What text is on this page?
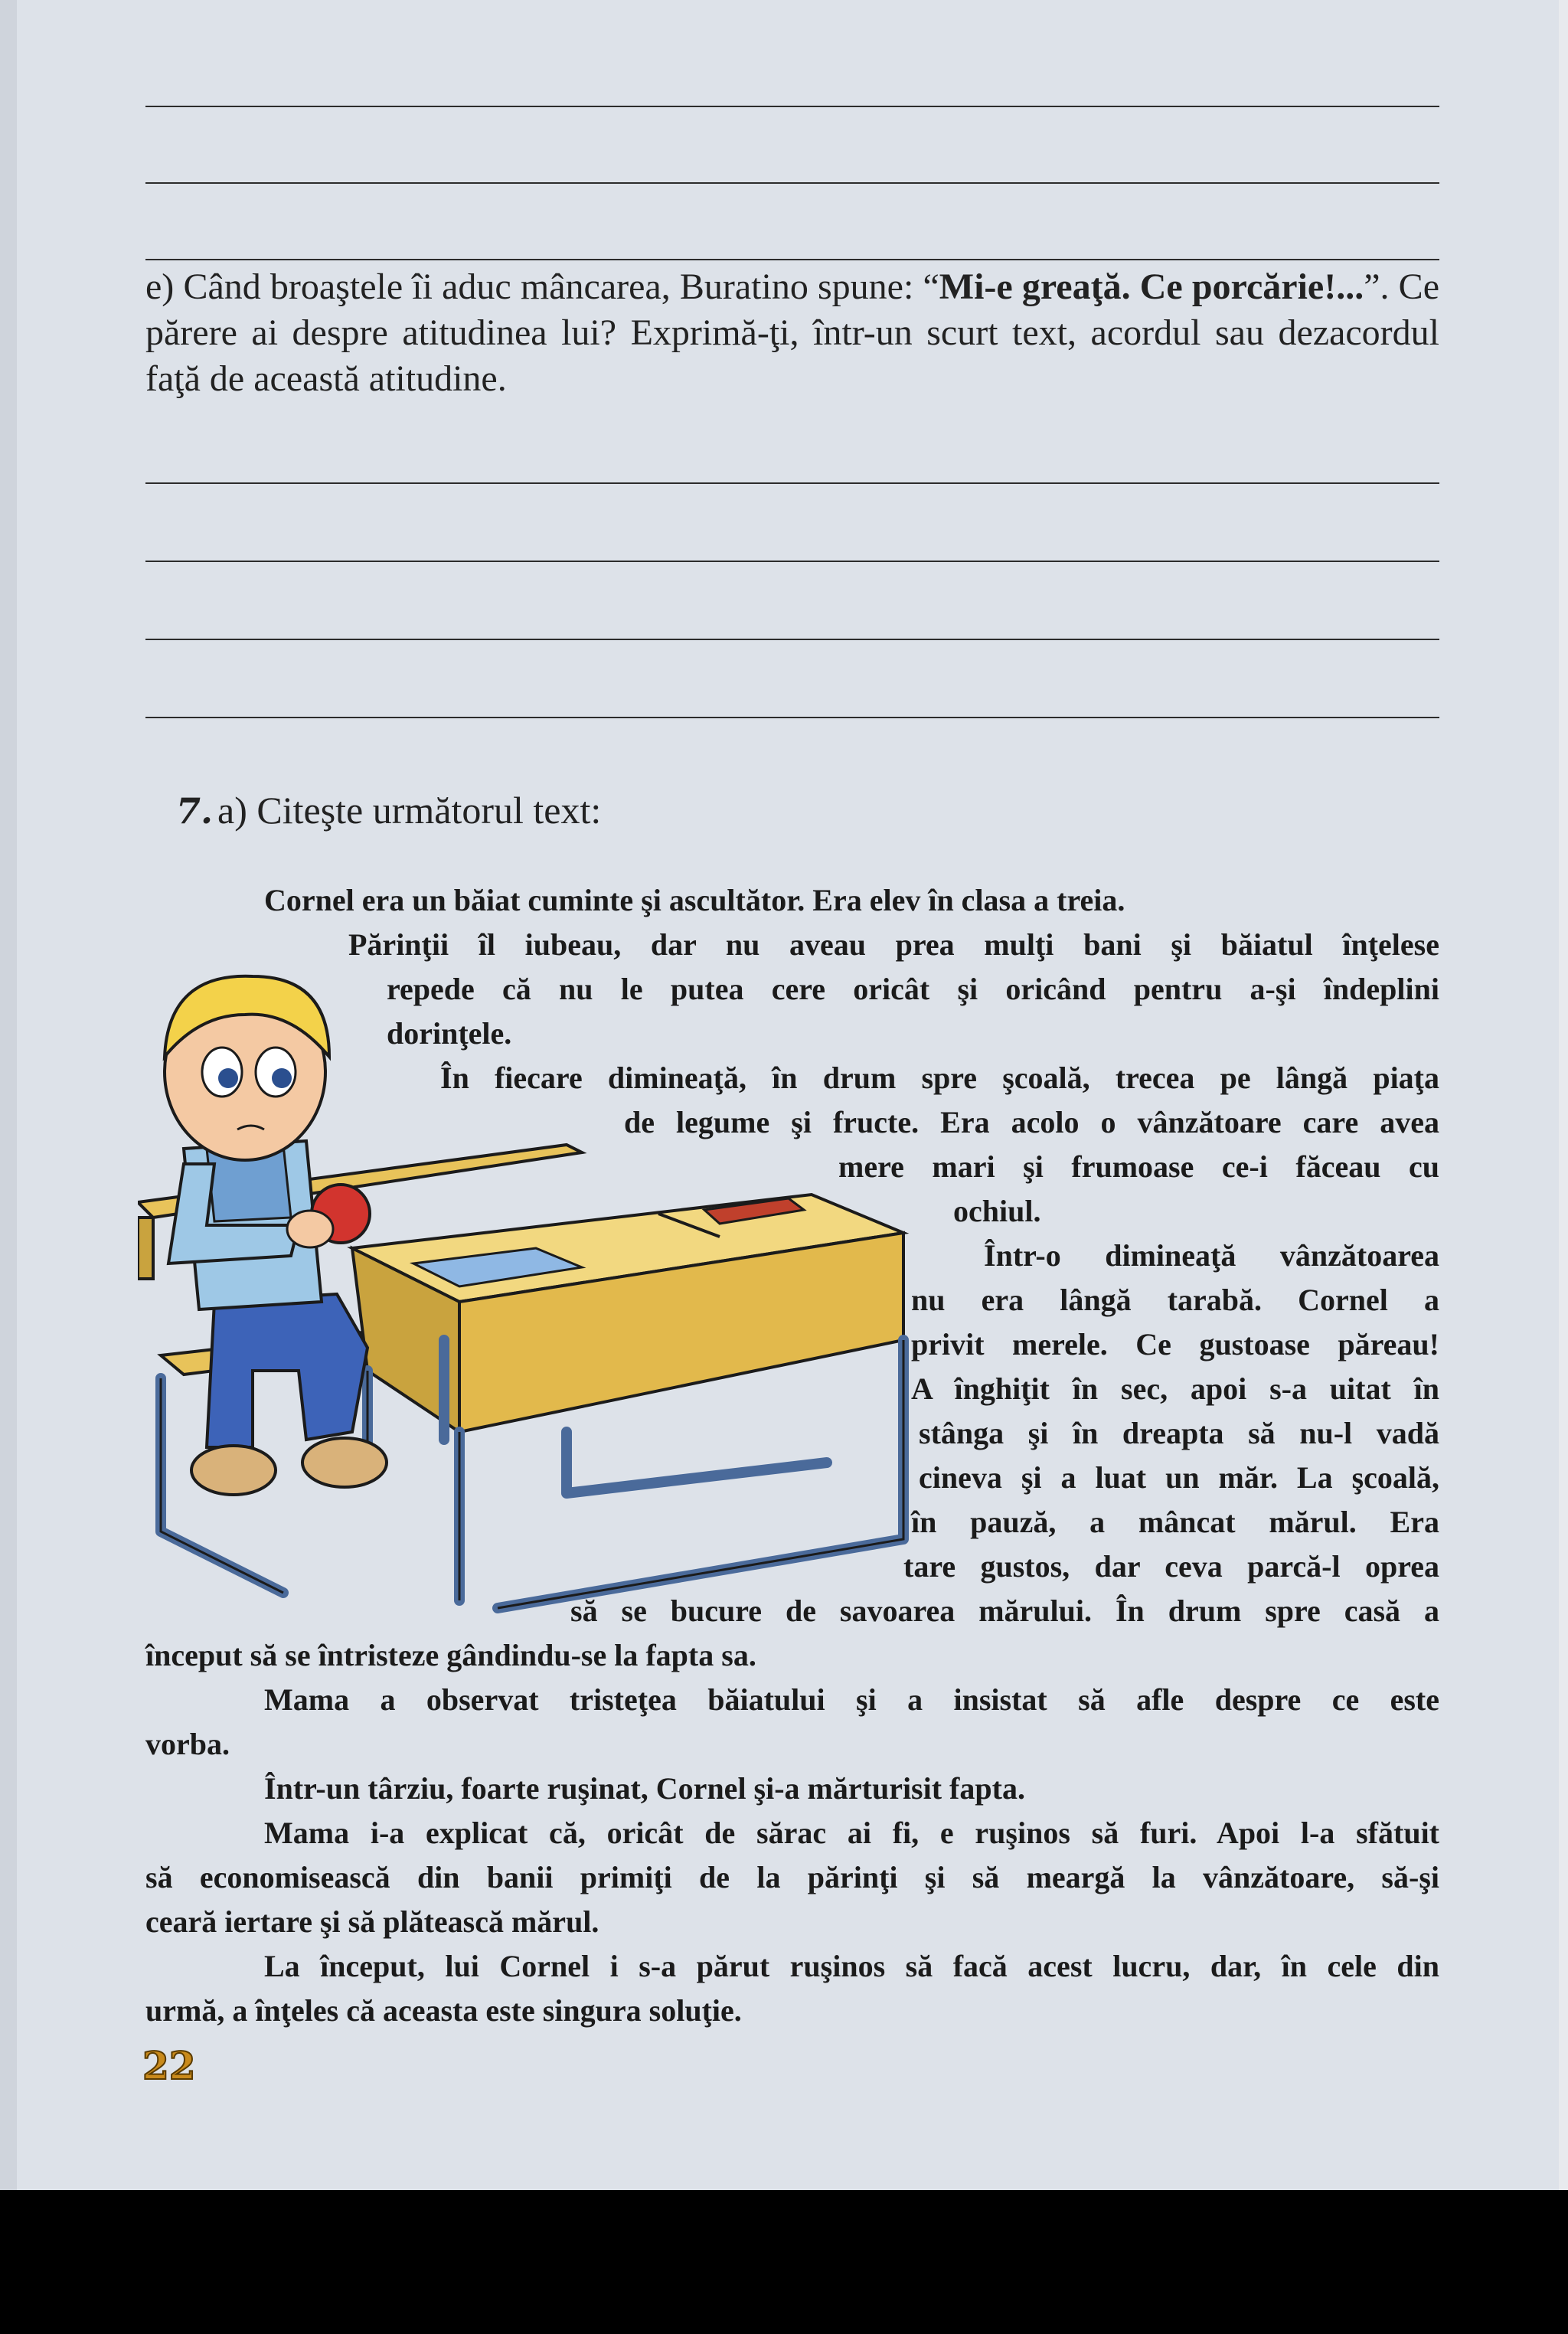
e) Când broaştele îi aduc mâncarea, Buratino spune: “Mi-e greaţă. Ce porcărie!...”. Ce părere ai despre atitudinea lui? Exprimă-ţi, într-un scurt text, acordul sau dezacordul faţă de această atitudine.
7. a) Citeşte următorul text:
Cornel era un băiat cuminte şi ascultător. Era elev în clasa a treia.
Părinţii îl iubeau, dar nu aveau prea mulţi bani şi băiatul înţelese
repede că nu le putea cere oricât şi oricând pentru a-şi îndeplini
dorinţele.
În fiecare dimineaţă, în drum spre şcoală, trecea pe lângă piaţa
de legume şi fructe. Era acolo o vânzătoare care avea
mere mari şi frumoase ce-i făceau cu
ochiul.
Într-o dimineaţă vânzătoarea
nu era lângă tarabă. Cornel a
privit merele. Ce gustoase păreau!
A înghiţit în sec, apoi s-a uitat în
stânga şi în dreapta să nu-l vadă
cineva şi a luat un măr. La şcoală,
în pauză, a mâncat mărul. Era
tare gustos, dar ceva parcă-l oprea
să se bucure de savoarea mărului. În drum spre casă a
început să se întristeze gândindu-se la fapta sa.
Mama a observat tristeţea băiatului şi a insistat să afle despre ce este
vorba.
Într-un târziu, foarte ruşinat, Cornel şi-a mărturisit fapta.
Mama i-a explicat că, oricât de sărac ai fi, e ruşinos să furi. Apoi l-a sfătuit
să economisească din banii primiţi de la părinţi şi să meargă la vânzătoare, să-şi
ceară iertare şi să plătească mărul.
La început, lui Cornel i s-a părut ruşinos să facă acest lucru, dar, în cele din
urmă, a înţeles că aceasta este singura soluţie.
22
